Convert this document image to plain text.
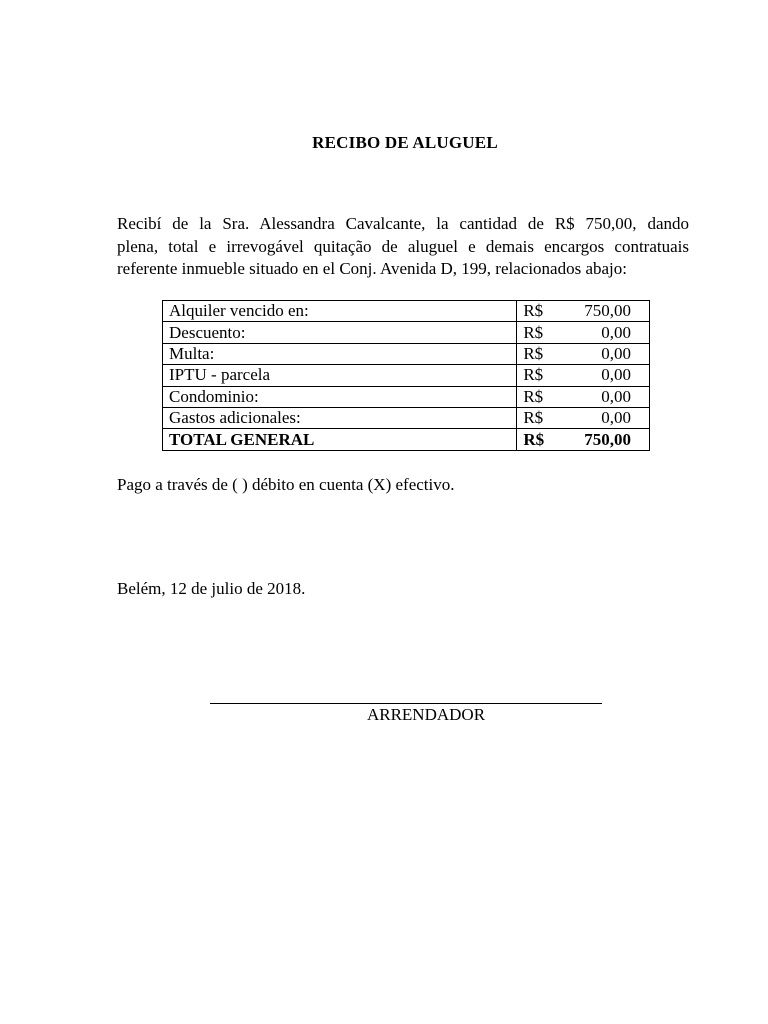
RECIBO DE ALUGUEL
Recibí de la Sra. Alessandra Cavalcante, la cantidad de R$ 750,00, dando
plena, total e irrevogável quitação de aluguel e demais encargos contratuais
referente inmueble situado en el Conj. Avenida D, 199, relacionados abajo:
Alquiler vencido en:	R$ 750,00

Descuento:	R$ 0,00

Multa:	R$ 0,00

IPTU - parcela	R$ 0,00

Condominio:	R$ 0,00

Gastos adicionales:	R$ 0,00

TOTAL GENERAL	R$ 750,00
Pago a través de ( ) débito en cuenta (X) efectivo.
Belém, 12 de julio de 2018.
ARRENDADOR
